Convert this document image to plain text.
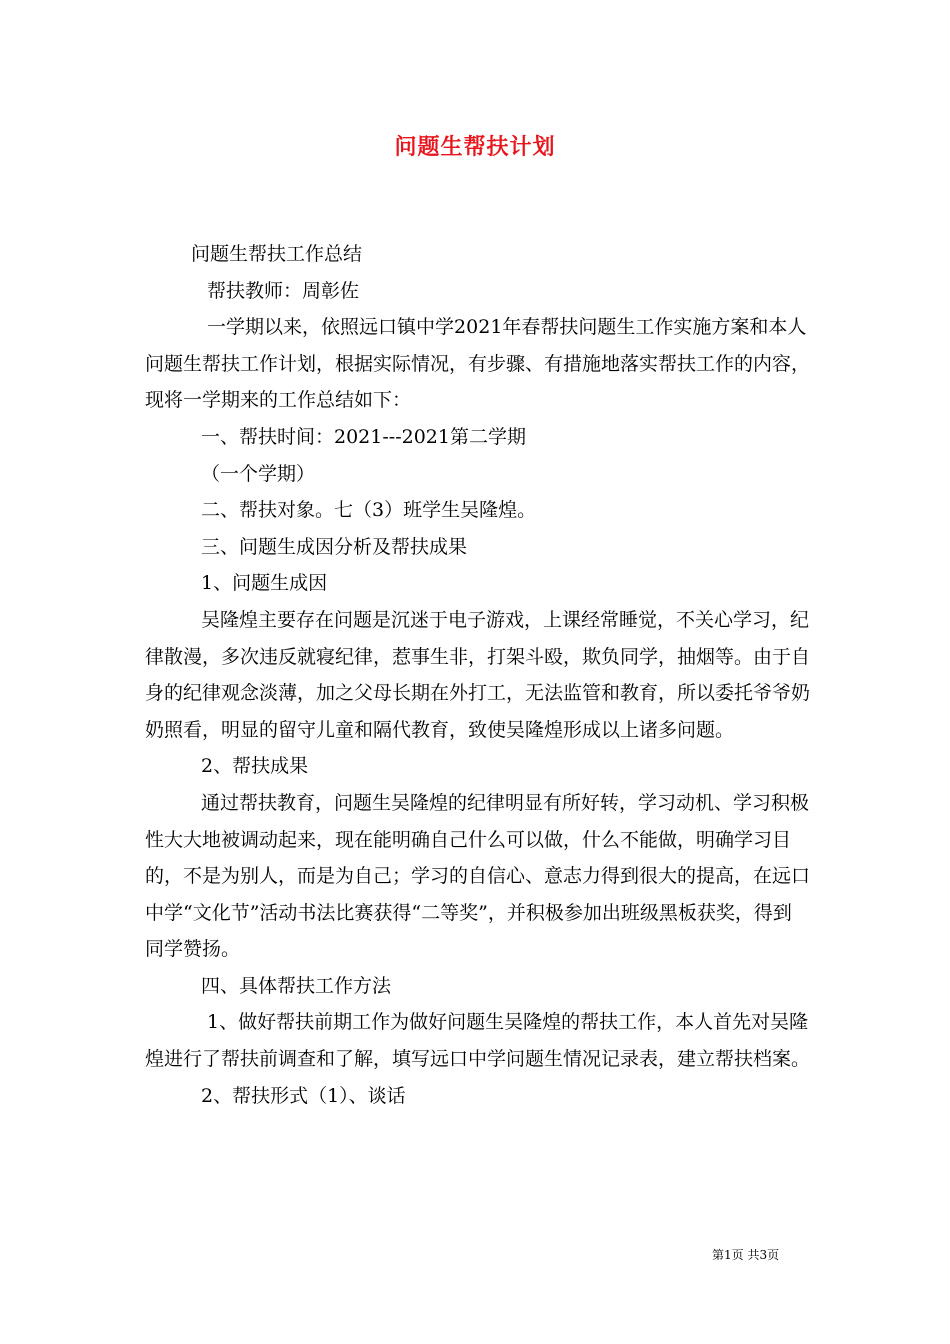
问题生帮扶计划

问题生帮扶工作总结

帮扶教师：周彰佐

一学期以来，依照远口镇中学2021年春帮扶问题生工作实施方案和本人问题生帮扶工作计划，根据实际情况，有步骤、有措施地落实帮扶工作的内容，现将一学期来的工作总结如下：

一、帮扶时间：2021---2021第二学期

（一个学期）

二、帮扶对象。七（3）班学生吴隆煌。

三、问题生成因分析及帮扶成果

1、问题生成因

吴隆煌主要存在问题是沉迷于电子游戏，上课经常睡觉，不关心学习，纪律散漫，多次违反就寝纪律，惹事生非，打架斗殴，欺负同学，抽烟等。由于自身的纪律观念淡薄，加之父母长期在外打工，无法监管和教育，所以委托爷爷奶奶照看，明显的留守儿童和隔代教育，致使吴隆煌形成以上诸多问题。

2、帮扶成果

通过帮扶教育，问题生吴隆煌的纪律明显有所好转，学习动机、学习积极性大大地被调动起来，现在能明确自己什么可以做，什么不能做，明确学习目的，不是为别人，而是为自己；学习的自信心、意志力得到很大的提高，在远口中学“文化节”活动书法比赛获得“二等奖”，并积极参加出班级黑板获奖，得到同学赞扬。

四、具体帮扶工作方法

1、做好帮扶前期工作为做好问题生吴隆煌的帮扶工作，本人首先对吴隆煌进行了帮扶前调查和了解，填写远口中学问题生情况记录表，建立帮扶档案。

2、帮扶形式（1）、谈话

第1页 共3页
